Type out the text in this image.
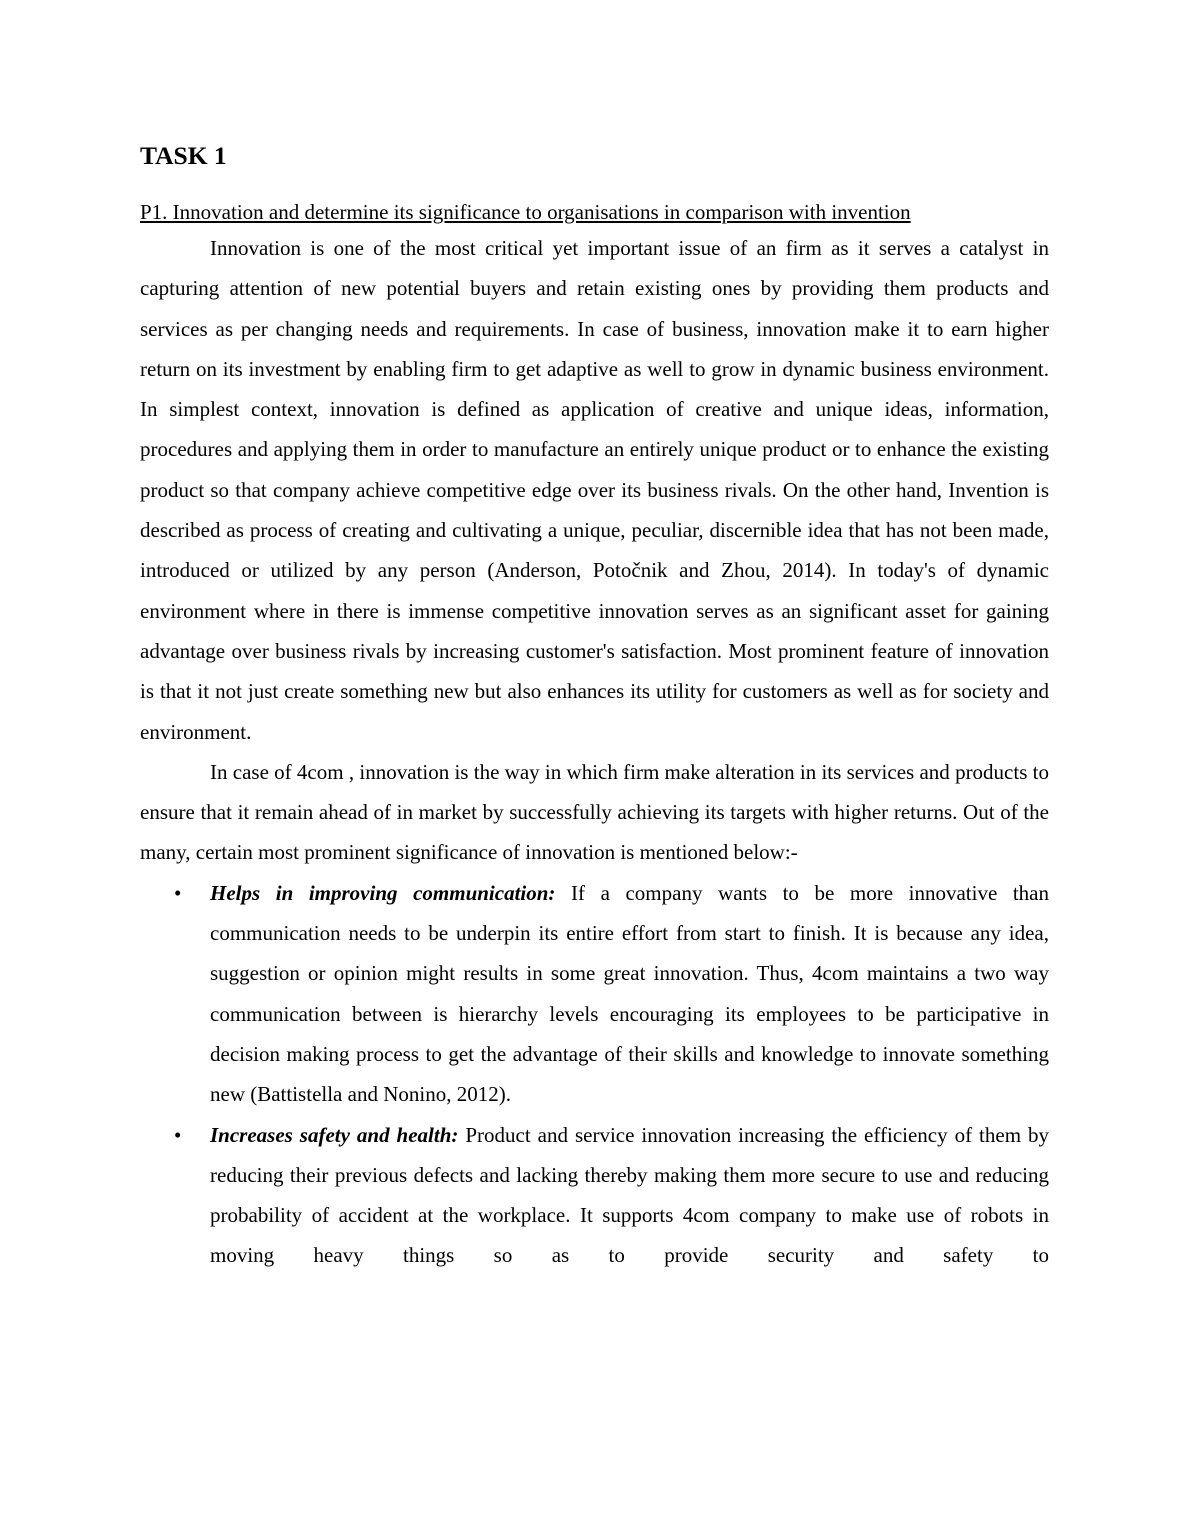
TASK 1

P1. Innovation and determine its significance to organisations in comparison with invention

Innovation is one of the most critical yet important issue of an firm as it serves a catalyst in capturing attention of new potential buyers and retain existing ones by providing them products and services as per changing needs and requirements. In case of business, innovation make it to earn higher return on its investment by enabling firm to get adaptive as well to grow in dynamic business environment. In simplest context, innovation is defined as application of creative and unique ideas, information, procedures and applying them in order to manufacture an entirely unique product or to enhance the existing product so that company achieve competitive edge over its business rivals. On the other hand, Invention is described as process of creating and cultivating a unique, peculiar, discernible idea that has not been made, introduced or utilized by any person (Anderson, Potočnik and Zhou, 2014). In today's of dynamic environment where in there is immense competitive innovation serves as an significant asset for gaining advantage over business rivals by increasing customer's satisfaction. Most prominent feature of innovation is that it not just create something new but also enhances its utility for customers as well as for society and environment.

In case of 4com , innovation is the way in which firm make alteration in its services and products to ensure that it remain ahead of in market by successfully achieving its targets with higher returns. Out of the many, certain most prominent significance of innovation is mentioned below:-

• Helps in improving communication: If a company wants to be more innovative than communication needs to be underpin its entire effort from start to finish. It is because any idea, suggestion or opinion might results in some great innovation. Thus, 4com maintains a two way communication between is hierarchy levels encouraging its employees to be participative in decision making process to get the advantage of their skills and knowledge to innovate something new (Battistella and Nonino, 2012).
• Increases safety and health: Product and service innovation increasing the efficiency of them by reducing their previous defects and lacking thereby making them more secure to use and reducing probability of accident at the workplace. It supports 4com company to make use of robots in moving heavy things so as to provide security and safety to
